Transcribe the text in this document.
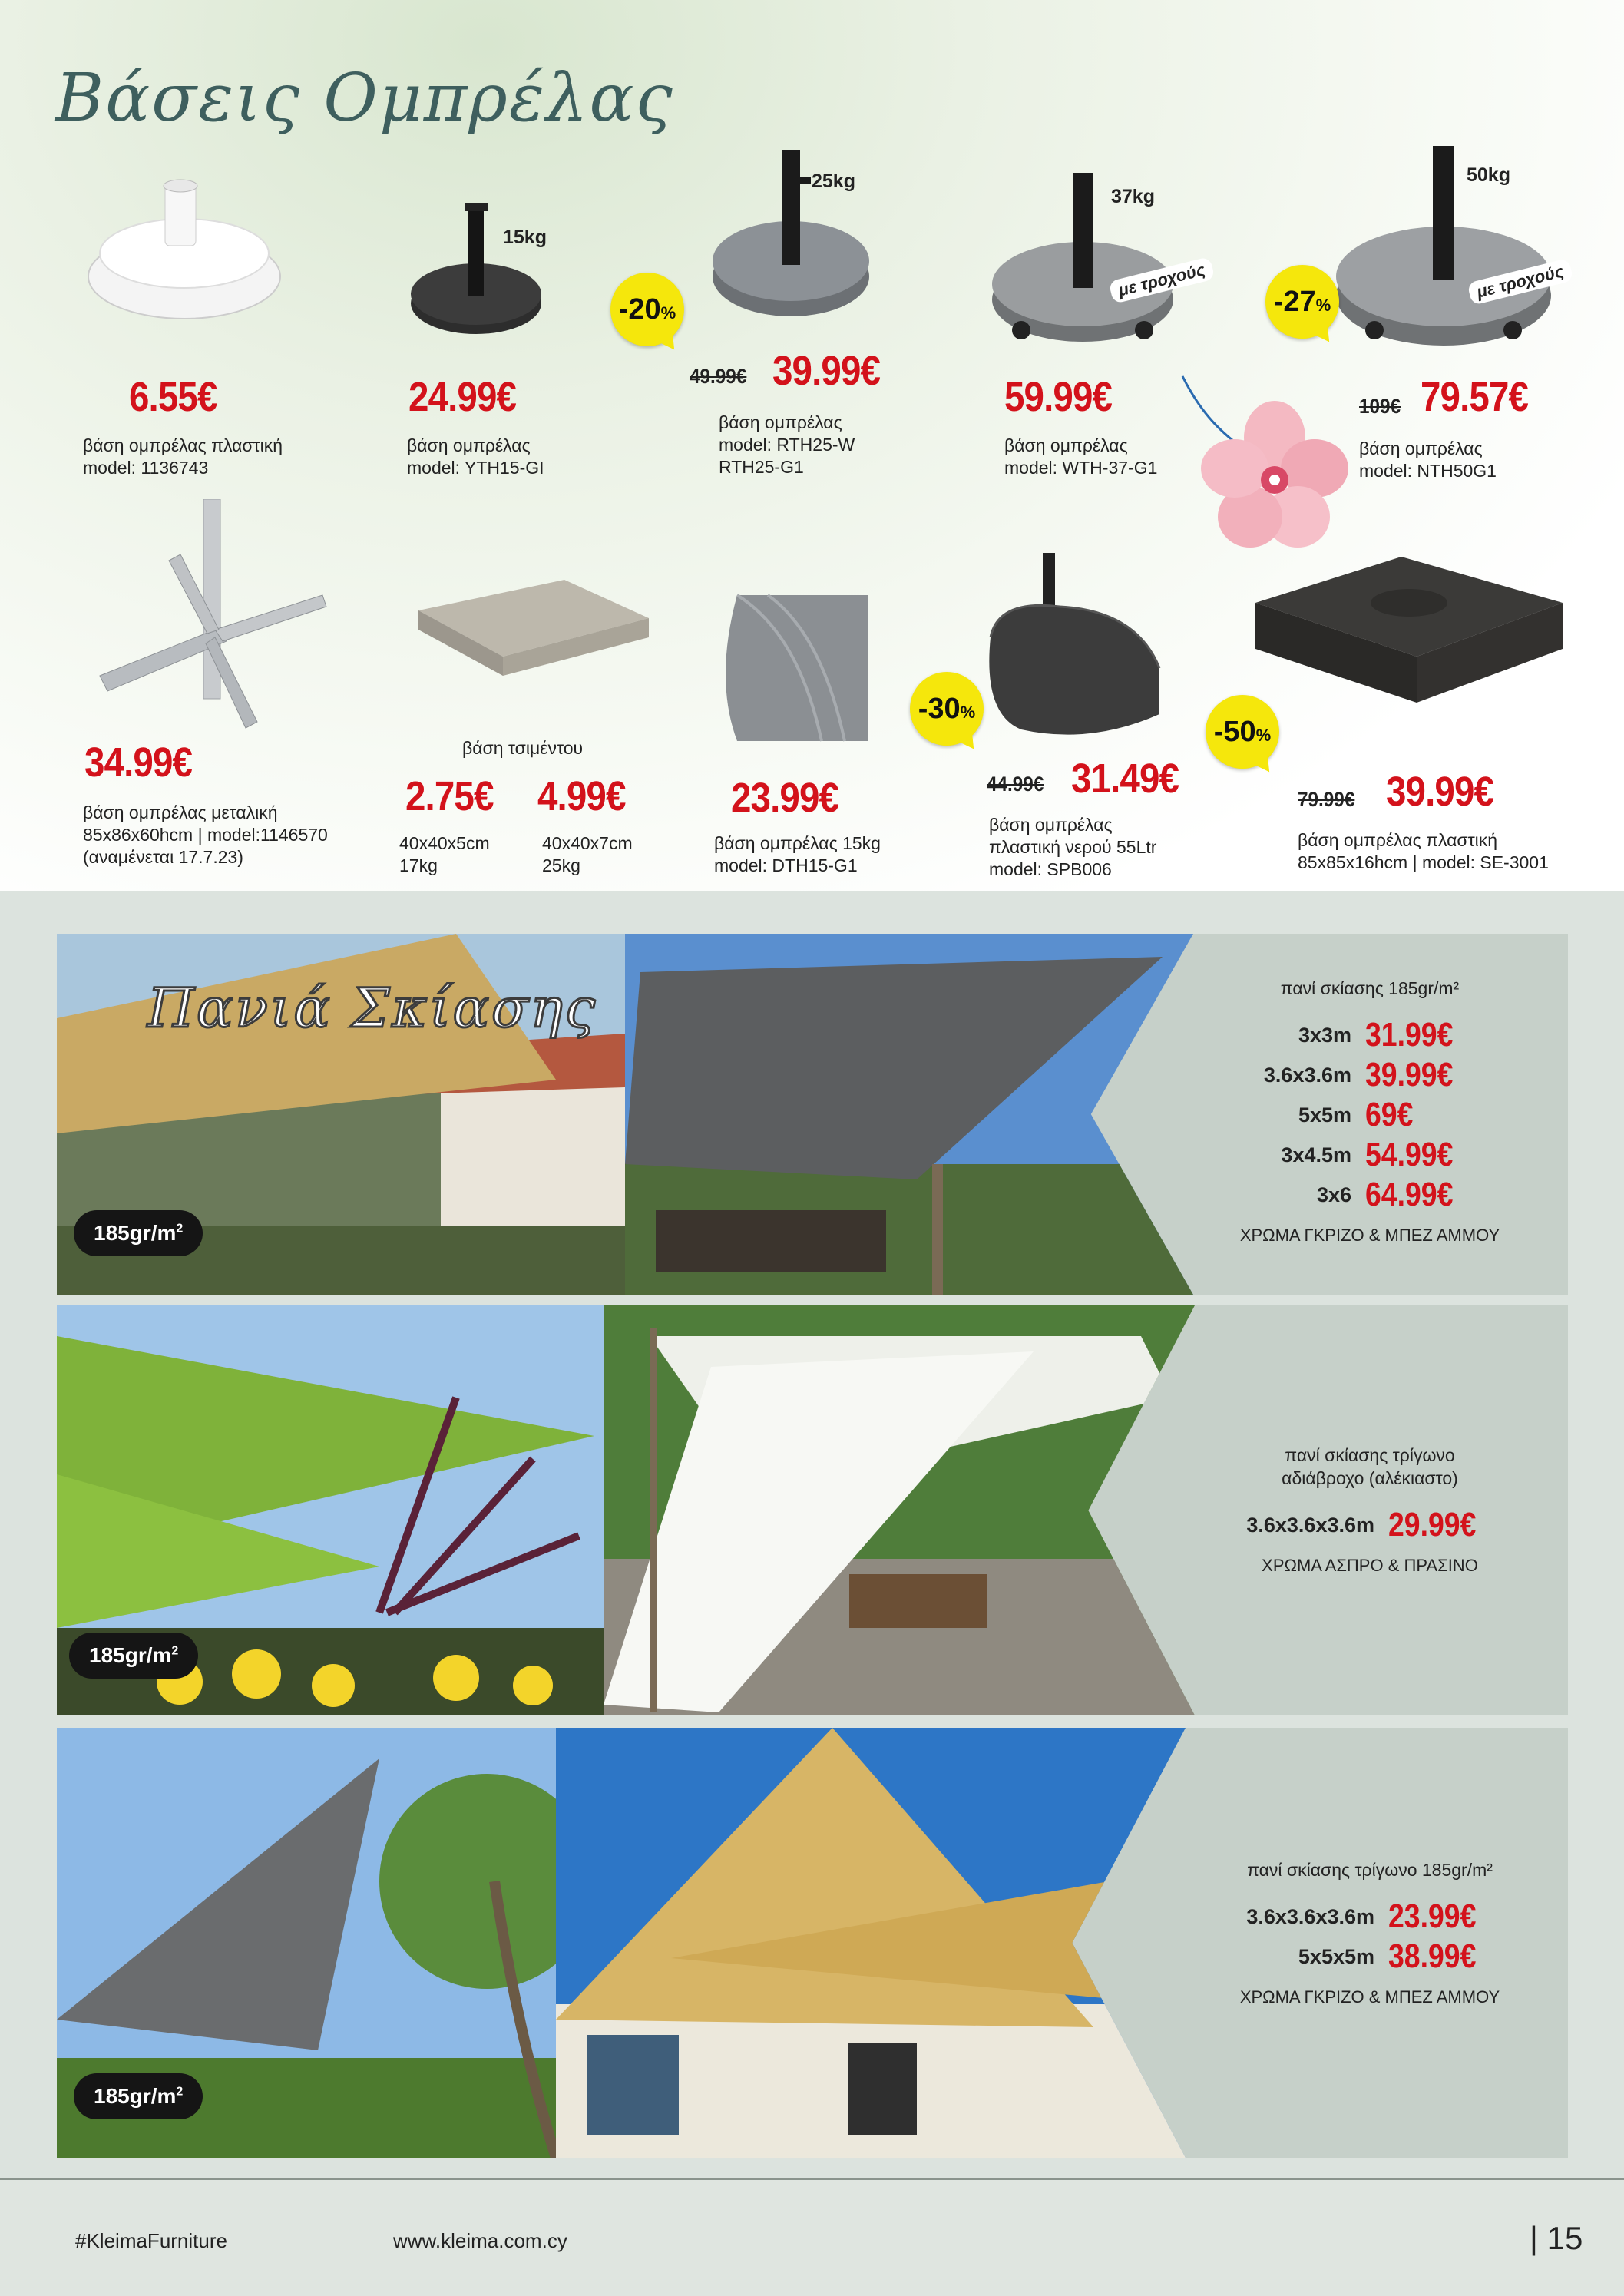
Βάσεις Ομπρέλας
15kg
25kg
37kg
50kg
με τροχούς	με τροχούς
-20 %	-27 %
6.55€	24.99€	49.99€ 39.99€
59.99€	109€ 79.57€
βάση ομπρέλας πλαστική
model: 1136743
βάση ομπρέλας
model: YTH15-GI
βάση ομπρέλας
model: RTH25-W
RTH25-G1
βάση ομπρέλας
model: WTH-37-G1
βάση ομπρέλας
model: NTH50G1
34.99€
βάση ομπρέλας μεταλική
85x86x60hcm | model:1146570
(αναμένεται 17.7.23)
βάση τσιμέντου
2.75€ 4.99€
40x40x5cm
17kg
40x40x7cm
25kg
23.99€
βάση ομπρέλας 15kg
model: DTH15-G1
-30 %
44.99€ 31.49€
βάση ομπρέλας
πλαστική νερού 55Ltr
model: SPB006
-50 %
79.99€ 39.99€
βάση ομπρέλας πλαστική
85x85x16hcm | model: SE-3001
Πανιά Σκίασης
$185gr/m^2$
πανί σκίασης 185gr/m²
3x3m 31.99€
3.6x3.6m 39.99€
5x5m 69€
3x4.5m 54.99€
3x6 64.99€
ΧΡΩΜΑ ΓΚΡΙΖΟ & ΜΠΕΖ ΑΜΜΟΥ
$185gr/m^2$
πανί σκίασης τρίγωνο
αδιάβροχο (αλέκιαστο)
3.6x3.6x3.6m 29.99€
ΧΡΩΜΑ ΑΣΠΡΟ & ΠΡΑΣΙΝΟ
$185gr/m^2$
πανί σκίασης τρίγωνο 185gr/m²
3.6x3.6x3.6m 23.99€
5x5x5m 38.99€
ΧΡΩΜΑ ΓΚΡΙΖΟ & ΜΠΕΖ ΑΜΜΟΥ
#KleimaFurniture	www.kleima.com.cy	| 15
